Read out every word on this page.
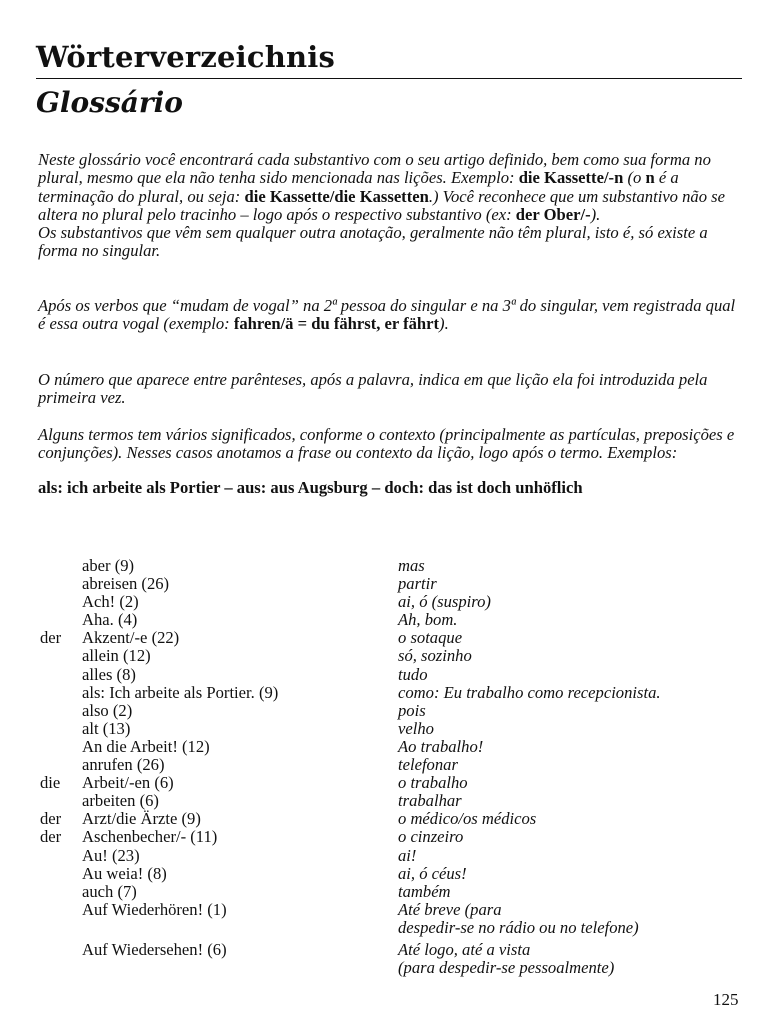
Wörterverzeichnis
Glossário
Neste glossário você encontrará cada substantivo com o seu artigo definido, bem como sua forma no plural, mesmo que ela não tenha sido mencionada nas lições. Exemplo: die Kassette/-n (o n é a terminação do plural, ou seja: die Kassette/die Kassetten.) Você reconhece que um substantivo não se altera no plural pelo tracinho – logo após o respectivo substantivo (ex: der Ober/-).
Os substantivos que vêm sem qualquer outra anotação, geralmente não têm plural, isto é, só existe a forma no singular.
Após os verbos que “mudam de vogal” na 2ª pessoa do singular e na 3ª do singular, vem registrada qual é essa outra vogal (exemplo: fahren/ä = du fährst, er fährt).
O número que aparece entre parênteses, após a palavra, indica em que lição ela foi introduzida pela primeira vez.
Alguns termos tem vários significados, conforme o contexto (principalmente as partículas, preposições e conjunções). Nesses casos anotamos a frase ou contexto da lição, logo após o termo. Exemplos:
als: ich arbeite als Portier – aus: aus Augsburg – doch: das ist doch unhöflich
aber (9)	mas
abreisen (26)	partir
Ach! (2)	ai, ó (suspiro)
Aha. (4)	Ah, bom.
der Akzent/-e (22)	o sotaque
allein (12)	só, sozinho
alles (8)	tudo
als: Ich arbeite als Portier. (9)	como: Eu trabalho como recepcionista.
also (2)	pois
alt (13)	velho
An die Arbeit! (12)	Ao trabalho!
anrufen (26)	telefonar
die Arbeit/-en (6)	o trabalho
arbeiten (6)	trabalhar
der Arzt/die Ärzte (9)	o médico/os médicos
der Aschenbecher/- (11)	o cinzeiro
Au! (23)	ai!
Au weia! (8)	ai, ó céus!
auch (7)	também
Auf Wiederhören! (1)	Até breve (para
despedir-se no rádio ou no telefone)
Auf Wiedersehen! (6)	Até logo, até a vista
(para despedir-se pessoalmente)
125
